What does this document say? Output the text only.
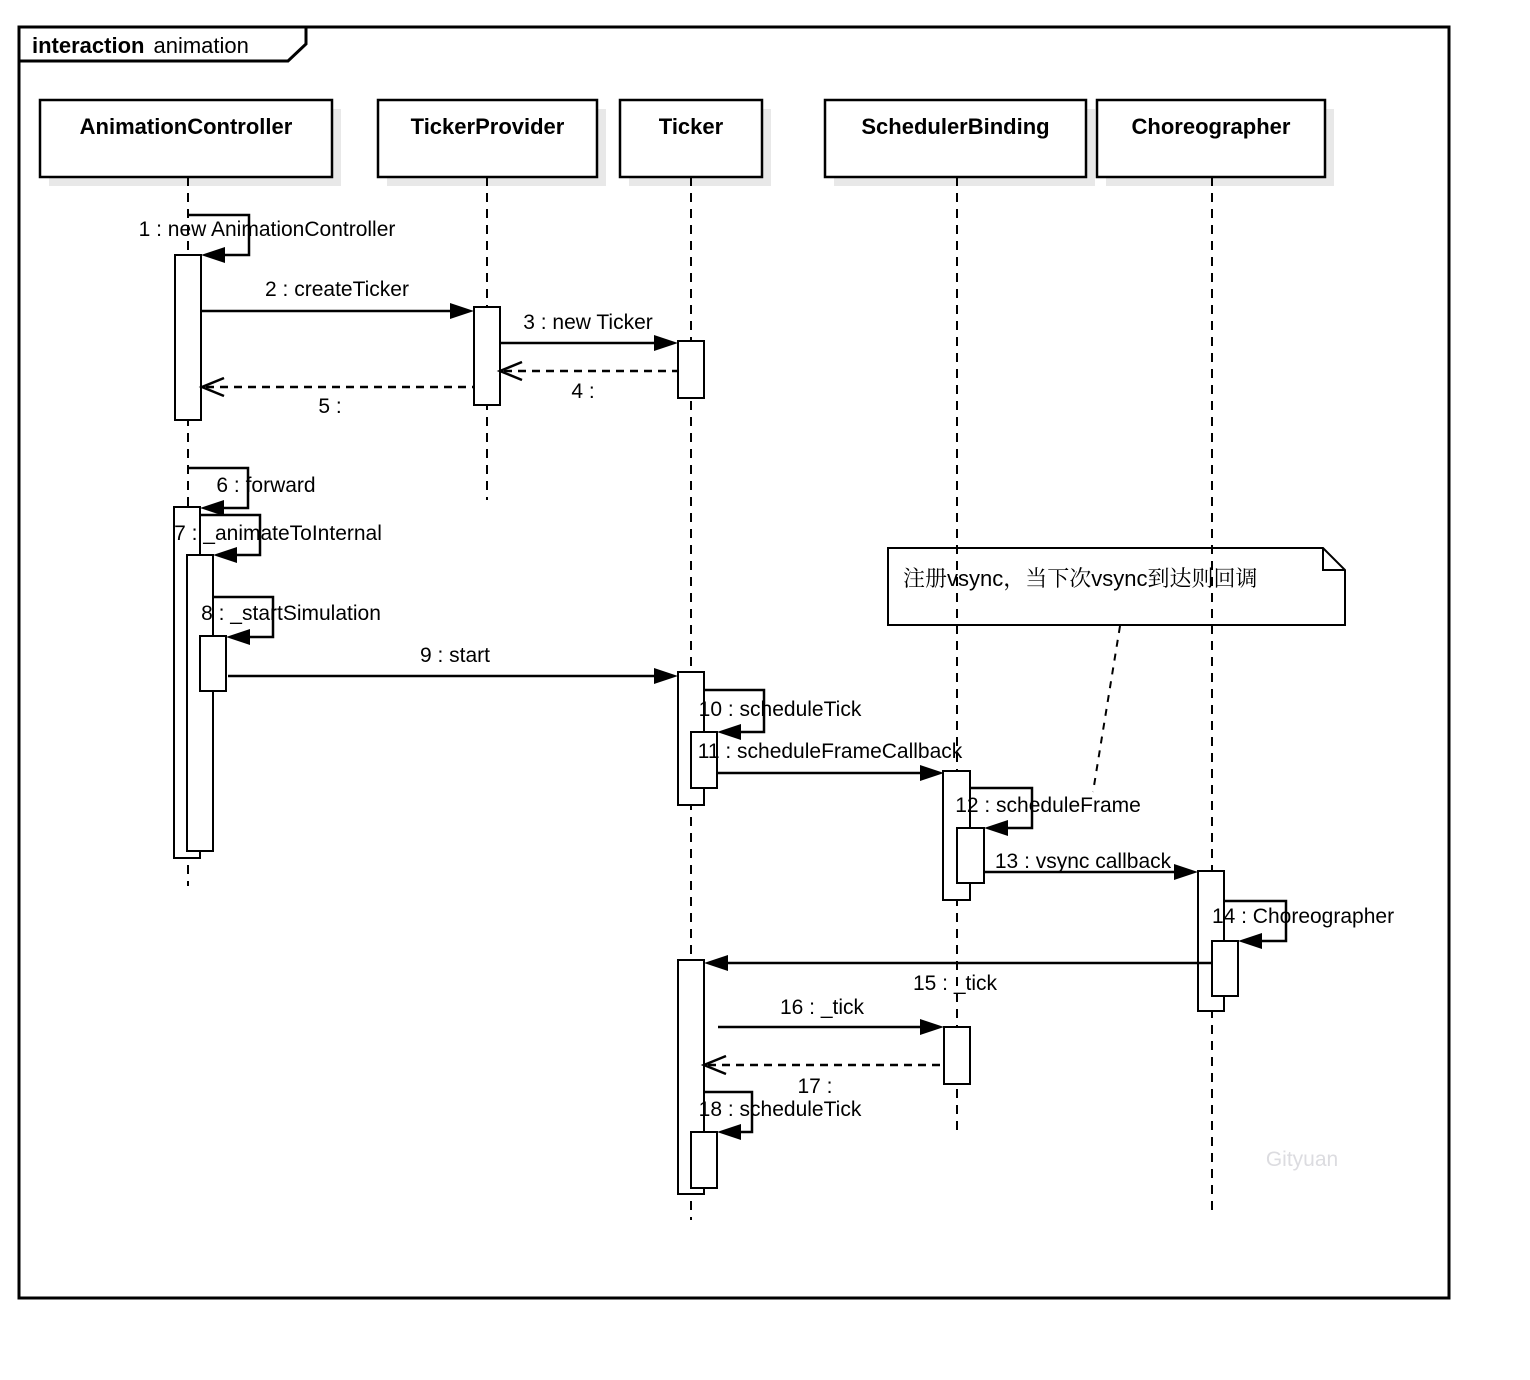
interaction animation
AnimationController	TickerProvider	Ticker	SchedulerBinding	Choreographer
1 : new AnimationController
2 : createTicker
3 : new Ticker
4 :
5 :
6 : forward
7 : _animateToInternal
8 : _startSimulation
9 : start
10 : scheduleTick
11 : scheduleFrameCallback
12 : scheduleFrame
13 : vsync callback
14 : Choreographer
15 : _tick
16 : _tick
17 :
18 : scheduleTick
注册vsync，当下次vsync到达则回调
Gityuan
